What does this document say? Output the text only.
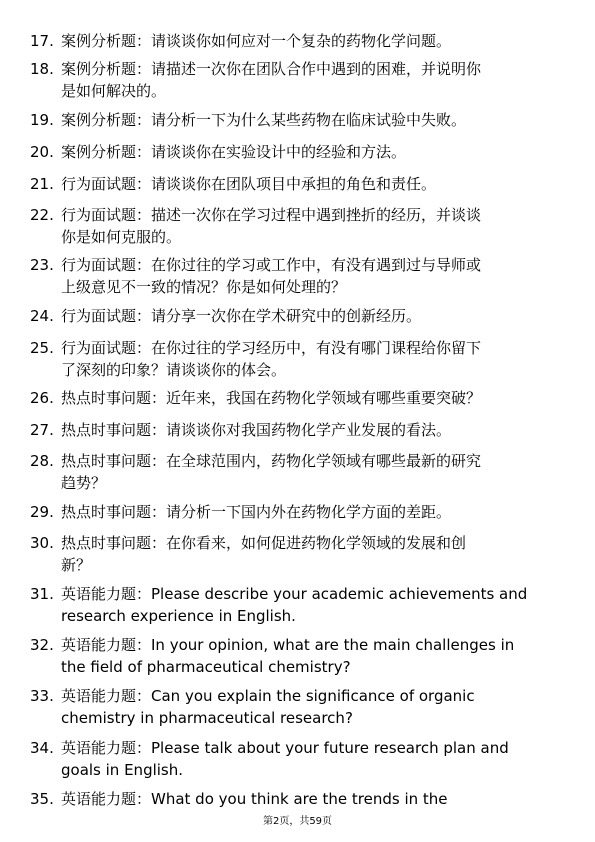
17. 案例分析题：请谈谈你如何应对一个复杂的药物化学问题。
18. 案例分析题：请描述一次你在团队合作中遇到的困难，并说明你
是如何解决的。
19. 案例分析题：请分析一下为什么某些药物在临床试验中失败。
20. 案例分析题：请谈谈你在实验设计中的经验和方法。
21. 行为面试题：请谈谈你在团队项目中承担的角色和责任。
22. 行为面试题：描述一次你在学习过程中遇到挫折的经历，并谈谈
你是如何克服的。
23. 行为面试题：在你过往的学习或工作中，有没有遇到过与导师或
上级意见不一致的情况？你是如何处理的？
24. 行为面试题：请分享一次你在学术研究中的创新经历。
25. 行为面试题：在你过往的学习经历中，有没有哪门课程给你留下
了深刻的印象？请谈谈你的体会。
26. 热点时事问题：近年来，我国在药物化学领域有哪些重要突破？
27. 热点时事问题：请谈谈你对我国药物化学产业发展的看法。
28. 热点时事问题：在全球范围内，药物化学领域有哪些最新的研究
趋势？
29. 热点时事问题：请分析一下国内外在药物化学方面的差距。
30. 热点时事问题：在你看来，如何促进药物化学领域的发展和创
新？
31. 英语能力题：Please describe your academic achievements and
research experience in English.
32. 英语能力题：In your opinion, what are the main challenges in
the field of pharmaceutical chemistry?
33. 英语能力题：Can you explain the significance of organic
chemistry in pharmaceutical research?
34. 英语能力题：Please talk about your future research plan and
goals in English.
35. 英语能力题：What do you think are the trends in the
第2页，共59页
